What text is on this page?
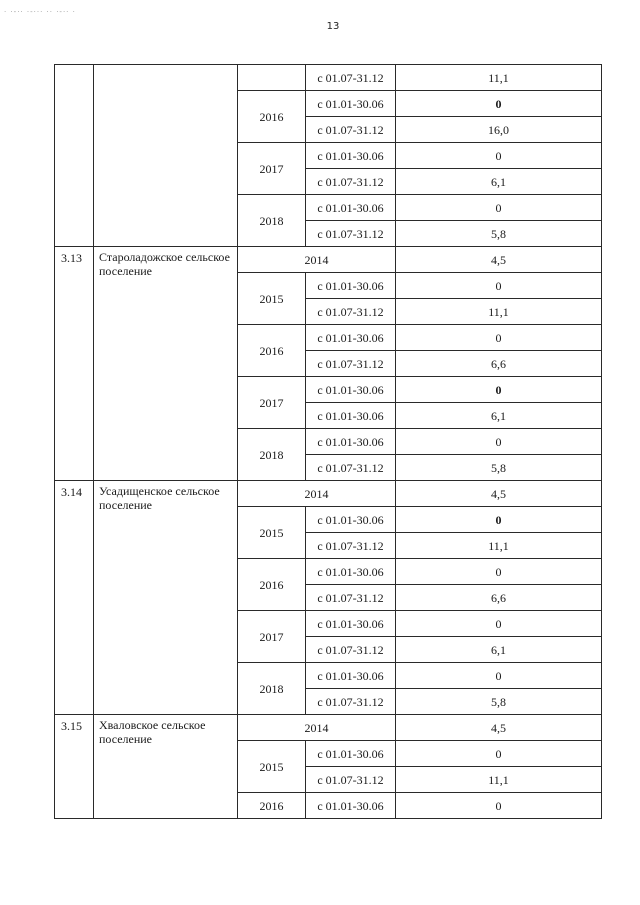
· ·-·· ·-··· ·· ·-·· ·
13
			с 01.07-31.12	11,1
		2016	с 01.01-30.06	0
			с 01.07-31.12	16,0
		2017	с 01.01-30.06	0
			с 01.07-31.12	6,1
		2018	с 01.01-30.06	0
			с 01.07-31.12	5,8
3.13	Староладожское сельское поселение	2014		4,5
		2015	с 01.01-30.06	0
			с 01.07-31.12	11,1
		2016	с 01.01-30.06	0
			с 01.07-31.12	6,6
		2017	с 01.01-30.06	0
			с 01.01-30.06	6,1
		2018	с 01.01-30.06	0
			с 01.07-31.12	5,8
3.14	Усадищенское сельское поселение	2014		4,5
		2015	с 01.01-30.06	0
			с 01.07-31.12	11,1
		2016	с 01.01-30.06	0
			с 01.07-31.12	6,6
		2017	с 01.01-30.06	0
			с 01.07-31.12	6,1
		2018	с 01.01-30.06	0
			с 01.07-31.12	5,8
3.15	Хваловское сельское поселение	2014		4,5
		2015	с 01.01-30.06	0
			с 01.07-31.12	11,1
		2016	с 01.01-30.06	0
